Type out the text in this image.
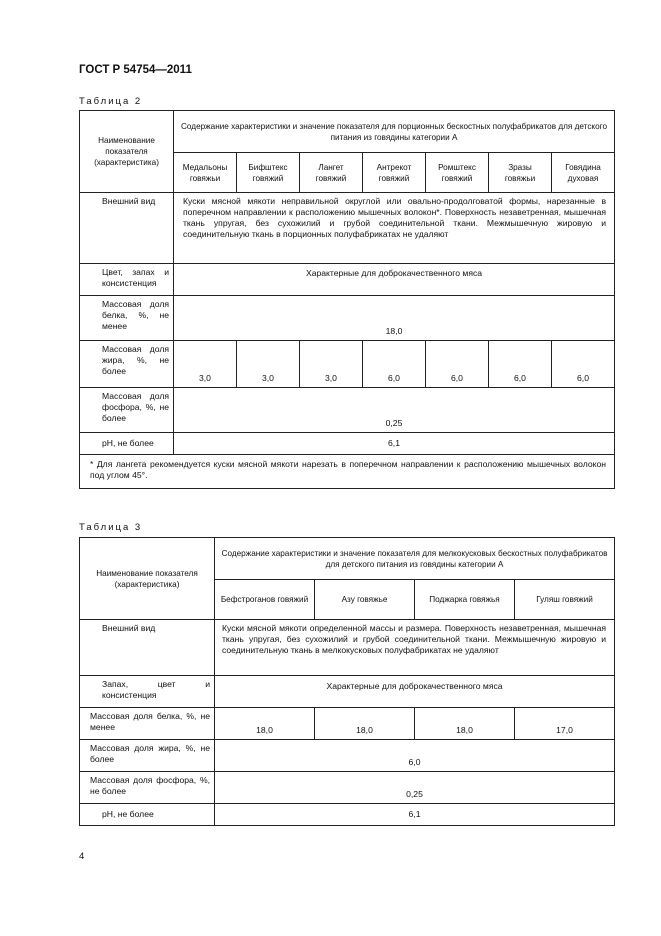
ГОСТ Р 54754—2011
Таблица 2
Наименование показателя (характеристика)	Содержание характеристики и значение показателя для порционных бескостных полуфабрикатов для детского питания из говядины категории А						
	Медальоны говяжьи	Бифштекс говяжий	Лангет говяжий	Антрекот говяжий	Ромштекс говяжий	Зразы говяжьи	Говядина духовая
Внешний вид	Куски мясной мякоти неправильной округлой или овально-продолговатой формы, нарезанные в поперечном направлении к расположению мышечных волокон*. Поверхность незаветренная, мышечная ткань упругая, без сухожилий и грубой соединительной ткани. Межмышечную жировую и соединительную ткань в порционных полуфабрикатах не удаляют						
Цвет, запах и консистенция	Характерные для доброкачественного мяса						
Массовая доля белка, %, не менее	18,0						
Массовая доля жира, %, не более	3,0	3,0	3,0	6,0	6,0	6,0	6,0
Массовая доля фосфора, %, не более	0,25						
рН, не более	6,1						
* Для лангета рекомендуется куски мясной мякоти нарезать в поперечном направлении к расположению мышечных волокон под углом 45°.							
Таблица 3
Наименование показателя (характеристика)	Содержание характеристики и значение показателя для мелкокусковых бескостных полуфабрикатов для детского питания из говядины категории А			
	Бефстроганов говяжий	Азу говяжье	Поджарка говяжья	Гуляш говяжий
Внешний вид	Куски мясной мякоти определенной массы и размера. Поверхность незаветренная, мышечная ткань упругая, без сухожилий и грубой соединительной ткани. Межмышечную жировую и соединительную ткань в мелкокусковых полуфабрикатах не удаляют			
Запах, цвет и консистенция	Характерные для доброкачественного мяса			
Массовая доля белка, %, не менее	18,0	18,0	18,0	17,0
Массовая доля жира, %, не более	6,0			
Массовая доля фосфора, %, не более	0,25			
рН, не более	6,1			
4
